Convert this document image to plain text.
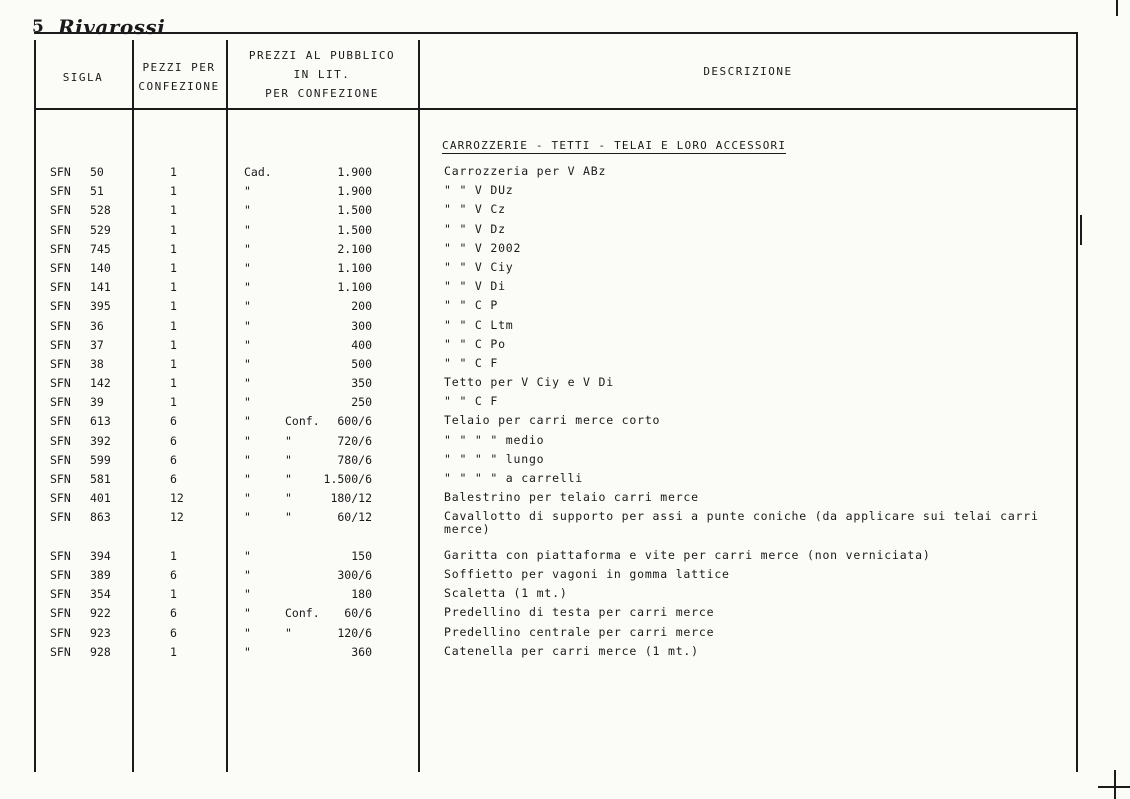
5 Rivarossi
SIGLA
PEZZI PER
CONFEZIONE
PREZZI AL PUBBLICO
IN LIT.
PER CONFEZIONE
DESCRIZIONE
CARROZZERIE - TETTI - TELAI E LORO ACCESSORI
SFN 50	1	Cad.	1.900	Carrozzeria per V ABz
SFN 51	1	"	1.900	" " V DUz
SFN 528	1	"	1.500	" " V Cz
SFN 529	1	"	1.500	" " V Dz
SFN 745	1	"	2.100	" " V 2002
SFN 140	1	"	1.100	" " V Ciy
SFN 141	1	"	1.100	" " V Di
SFN 395	1	"	200	" " C P
SFN 36	1	"	300	" " C Ltm
SFN 37	1	"	400	" " C Po
SFN 38	1	"	500	" " C F
SFN 142	1	"	350	Tetto per V Ciy e V Di
SFN 39	1	"	250	" " C F
SFN 613	6	"	Conf.	600/6	Telaio per carri merce corto
SFN 392	6	"	"	720/6	" " " " medio
SFN 599	6	"	"	780/6	" " " " lungo
SFN 581	6	"	"	1.500/6	" " " " a carrelli
SFN 401	12	"	"	180/12	Balestrino per telaio carri merce
SFN 863	12	"	"	60/12	Cavallotto di supporto per assi a punte coniche (da applicare sui telai carri merce)
SFN 394	1	"	150	Garitta con piattaforma e vite per carri merce (non verniciata)
SFN 389	6	"	300/6	Soffietto per vagoni in gomma lattice
SFN 354	1	"	180	Scaletta (1 mt.)
SFN 922	6	"	Conf.	60/6	Predellino di testa per carri merce
SFN 923	6	"	"	120/6	Predellino centrale per carri merce
SFN 928	1	"	360	Catenella per carri merce (1 mt.)
